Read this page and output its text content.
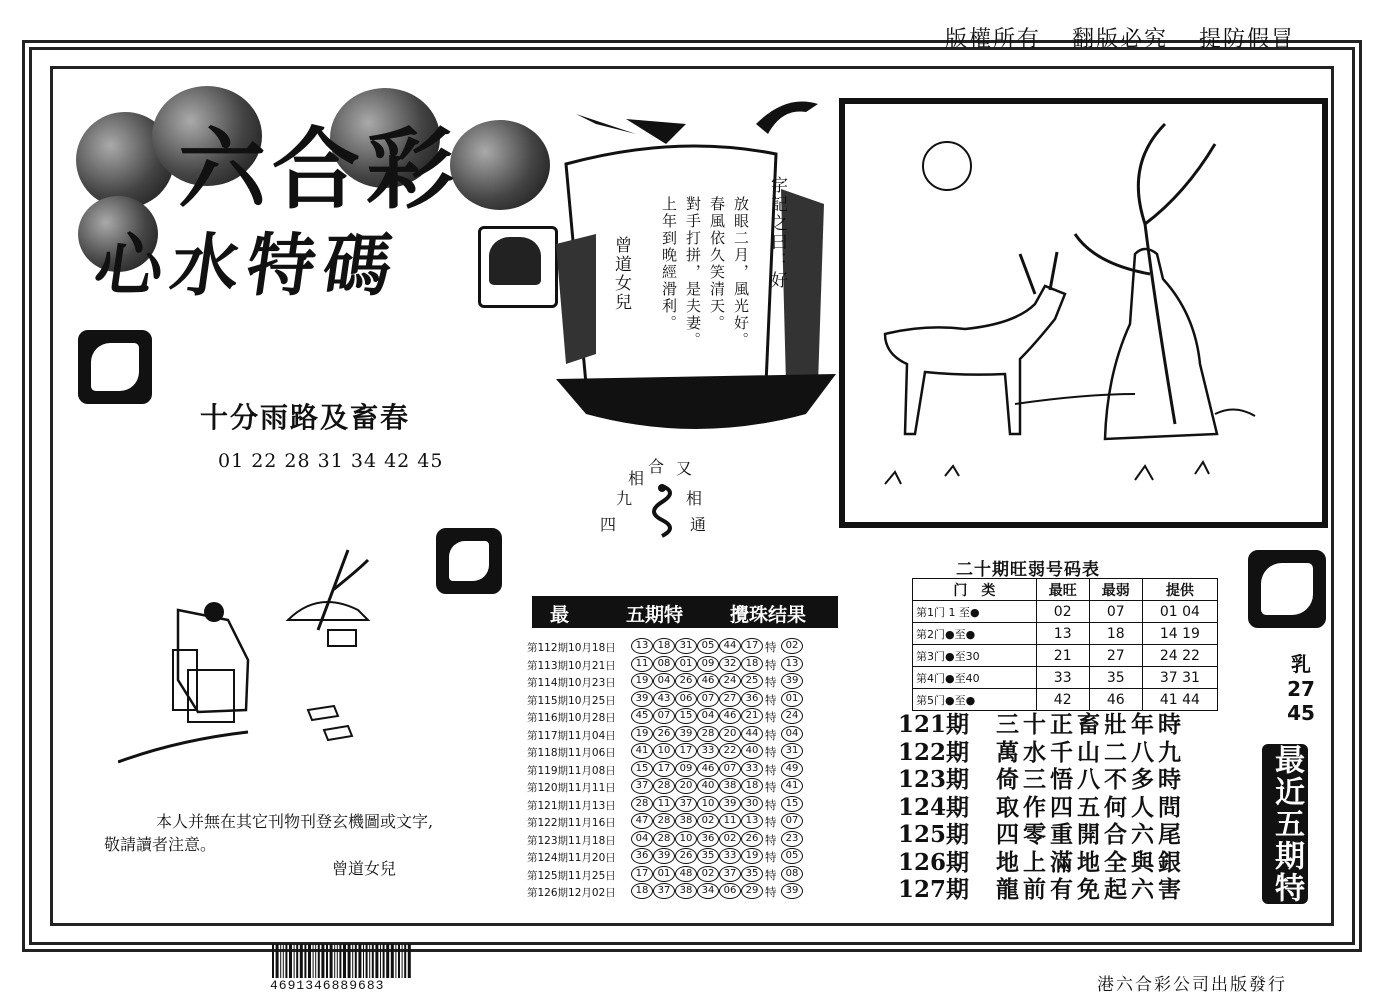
版權所有 翻版必究 提防假冒
六合彩
心水特碼
十分雨路及畜春
01 22 28 31 34 42 45
字記之曰：好
放眼二月，風光好。
春風依久笑清天。
對手打拼，是夫妻。
上年到晚經滑利。
曾道女兒
相
合 又
九	相
四	通
最	五期特 攪珠结果
第112期10月18日	13 18 31 05 44 17 特 02
第113期10月21日	11 08 01 09 32 18 特 13
第114期10月23日	19 04 26 46 24 25 特 39
第115期10月25日	39 43 06 07 27 36 特 01
第116期10月28日	45 07 15 04 46 21 特 24
第117期11月04日	19 26 39 28 20 44 特 04
第118期11月06日	41 10 17 33 22 40 特 31
第119期11月08日	15 17 09 46 07 33 特 49
第120期11月11日	37 28 20 40 38 18 特 41
第121期11月13日	28 11 37 10 39 30 特 15
第122期11月16日	47 28 38 02 11 13 特 07
第123期11月18日	04 28 10 36 02 26 特 23
第124期11月20日	36 39 26 35 33 19 特 05
第125期11月25日	17 01 48 02 37 35 特 08
第126期12月02日	18 37 38 34 06 29 特 39
二十期旺弱号码表
门　类	最旺	最弱	提供
第1门 1 至●	02	07	01 04
第2门●至●	13	18	14 19
第3门●至30	21	27	24 22
第4门●至40	33	35	37 31
第5门●至●	42	46	41 44
121期 三十正畜壯年時
122期 萬水千山二八九
123期 倚三悟八不多時
124期 取作四五何人問
125期 四零重開合六尾
126期 地上滿地全與銀
127期 龍前有免起六害
乳
27
45
最近五期特码诗
本人并無在其它刊物刊登玄機圖或文字,
敬請讀者注意。
曾道女兒
4691346889683	港六合彩公司出版發行
